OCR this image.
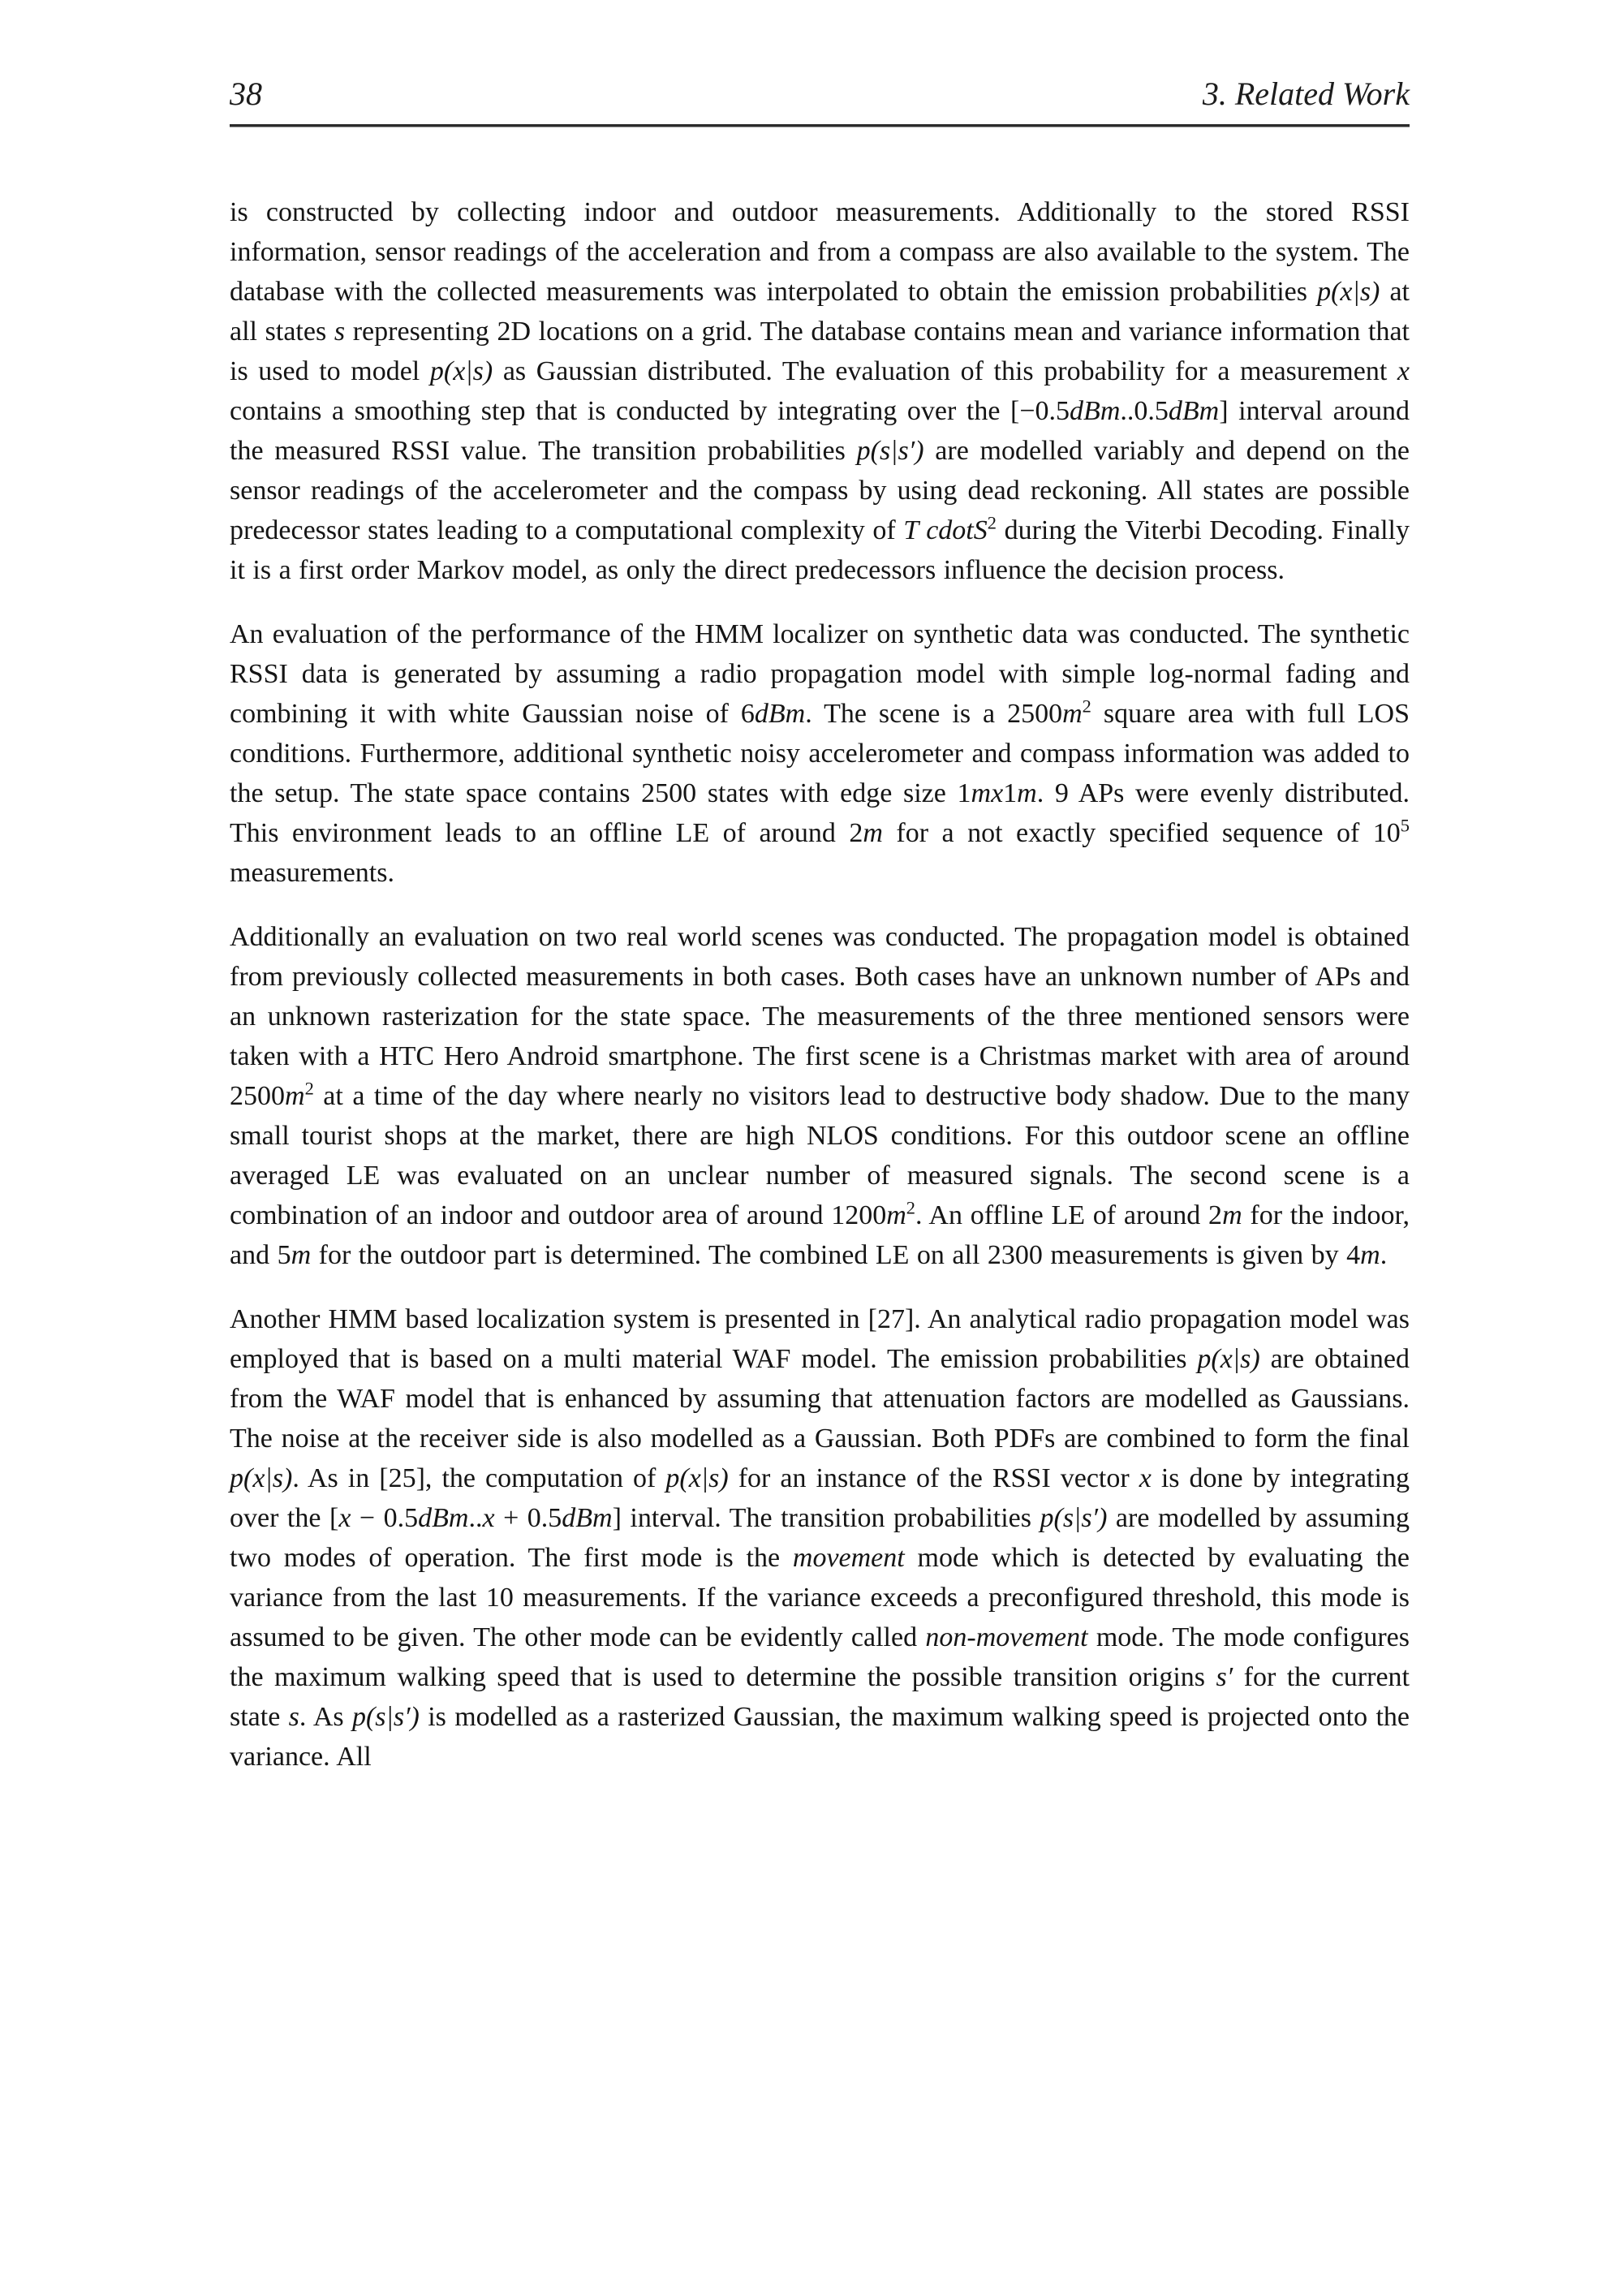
38	3. Related Work

is constructed by collecting indoor and outdoor measurements. Additionally to the stored RSSI information, sensor readings of the acceleration and from a compass are also available to the system. The database with the collected measurements was interpolated to obtain the emission probabilities p(x|s) at all states s representing 2D locations on a grid. The database contains mean and variance information that is used to model p(x|s) as Gaussian distributed. The evaluation of this probability for a measurement x contains a smoothing step that is conducted by integrating over the [−0.5dBm..0.5dBm] interval around the measured RSSI value. The transition probabilities p(s|s′) are modelled variably and depend on the sensor readings of the accelerometer and the compass by using dead reckoning. All states are possible predecessor states leading to a computational complexity of T cdotS$^2$ during the Viterbi Decoding. Finally it is a first order Markov model, as only the direct predecessors influence the decision process.

An evaluation of the performance of the HMM localizer on synthetic data was conducted. The synthetic RSSI data is generated by assuming a radio propagation model with simple log-normal fading and combining it with white Gaussian noise of 6dBm. The scene is a $2500m^2$ square area with full LOS conditions. Furthermore, additional synthetic noisy accelerometer and compass information was added to the setup. The state space contains 2500 states with edge size 1mx1m. 9 APs were evenly distributed. This environment leads to an offline LE of around 2m for a not exactly specified sequence of $10^5$ measurements.

Additionally an evaluation on two real world scenes was conducted. The propagation model is obtained from previously collected measurements in both cases. Both cases have an unknown number of APs and an unknown rasterization for the state space. The measurements of the three mentioned sensors were taken with a HTC Hero Android smartphone. The first scene is a Christmas market with area of around $2500m^2$ at a time of the day where nearly no visitors lead to destructive body shadow. Due to the many small tourist shops at the market, there are high NLOS conditions. For this outdoor scene an offline averaged LE was evaluated on an unclear number of measured signals. The second scene is a combination of an indoor and outdoor area of around $1200m^2$. An offline LE of around 2m for the indoor, and 5m for the outdoor part is determined. The combined LE on all 2300 measurements is given by 4m.

Another HMM based localization system is presented in [27]. An analytical radio propagation model was employed that is based on a multi material WAF model. The emission probabilities p(x|s) are obtained from the WAF model that is enhanced by assuming that attenuation factors are modelled as Gaussians. The noise at the receiver side is also modelled as a Gaussian. Both PDFs are combined to form the final p(x|s). As in [25], the computation of p(x|s) for an instance of the RSSI vector x is done by integrating over the [x − 0.5dBm..x + 0.5dBm] interval. The transition probabilities p(s|s′) are modelled by assuming two modes of operation. The first mode is the movement mode which is detected by evaluating the variance from the last 10 measurements. If the variance exceeds a preconfigured threshold, this mode is assumed to be given. The other mode can be evidently called non-movement mode. The mode configures the maximum walking speed that is used to determine the possible transition origins s′ for the current state s. As p(s|s′) is modelled as a rasterized Gaussian, the maximum walking speed is projected onto the variance. All
